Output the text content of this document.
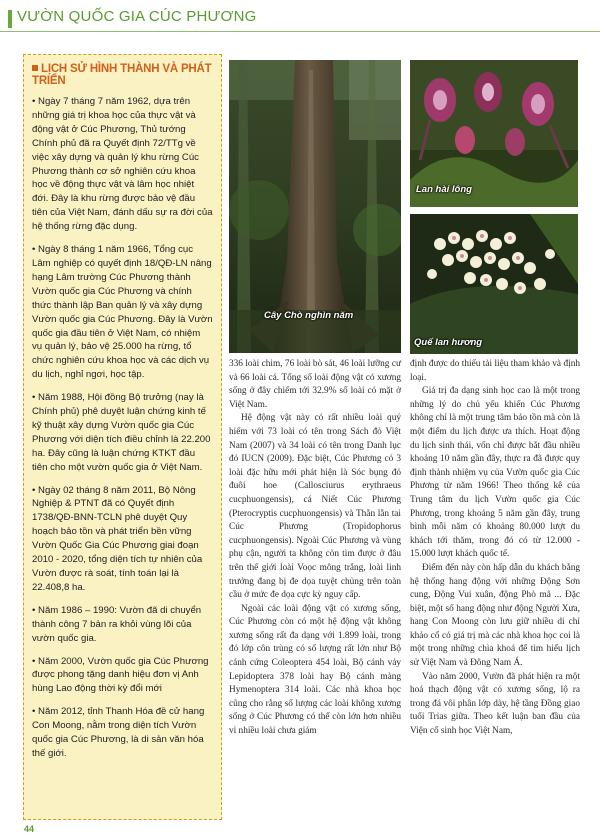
VƯỜN QUỐC GIA CÚC PHƯƠNG
LỊCH SỬ HÌNH THÀNH VÀ PHÁT TRIỂN

• Ngày 7 tháng 7 năm 1962, dựa trên những giá trị khoa học của thực vật và động vật ở Cúc Phương, Thủ tướng Chính phủ đã ra Quyết định 72/TTg về việc xây dựng và quản lý khu rừng Cúc Phương thành cơ sở nghiên cứu khoa học về động thực vật và lâm học nhiệt đới. Đây là khu rừng được bảo vệ đầu tiên của Việt Nam, đánh dấu sự ra đời của hệ thống rừng đặc dụng.

• Ngày 8 tháng 1 năm 1966, Tổng cục Lâm nghiệp có quyết định 18/QĐ-LN nâng hạng Lâm trường Cúc Phương thành Vườn quốc gia Cúc Phương và chính thức thành lập Ban quản lý và xây dựng Vườn quốc gia Cúc Phương. Đây là Vườn quốc gia đầu tiên ở Việt Nam, có nhiệm vụ quản lý, bảo vệ 25.000 ha rừng, tổ chức nghiên cứu khoa học và các dịch vụ du lịch, nghỉ ngơi, học tập.

• Năm 1988, Hội đồng Bộ trưởng (nay là Chính phủ) phê duyệt luận chứng kinh tế kỹ thuật xây dựng Vườn quốc gia Cúc Phương với diện tích điều chỉnh là 22.200 ha. Đây cũng là luận chứng KTKT đầu tiên cho một vườn quốc gia ở Việt Nam.

• Ngày 02 tháng 8 năm 2011, Bộ Nông Nghiệp & PTNT đã có Quyết định 1738/QĐ-BNN-TCLN phê duyệt Quy hoạch bảo tồn và phát triển bền vững Vườn Quốc Gia Cúc Phương giai đoạn 2010 - 2020, tổng diện tích tự nhiên của Vườn được rà soát, tính toán lại là 22.408,8 ha.

• Năm 1986 – 1990: Vườn đã di chuyển thành công 7 bản ra khỏi vùng lõi của vườn quốc gia.

• Năm 2000, Vườn quốc gia Cúc Phương được phong tặng danh hiệu đơn vị Anh hùng Lao động thời kỳ đổi mới

• Năm 2012, tỉnh Thanh Hóa đề cử hang Con Moong, nằm trong diện tích Vườn quốc gia Cúc Phương, là di sản văn hóa thế giới.

Cây Chò nghìn năm
Lan hài lông
Quế lan hương

336 loài chim, 76 loài bò sát, 46 loài lưỡng cư và 66 loài cá. Tổng số loài động vật có xương sống ở đây chiếm tới 32.9% số loài có mặt ở Việt Nam.

Hệ động vật này có rất nhiều loài quý hiếm với 73 loài có tên trong Sách đỏ Việt Nam (2007) và 34 loài có tên trong Danh lục đỏ IUCN (2009). Đặc biệt, Cúc Phương có 3 loài đặc hữu mới phát hiện là Sóc bụng đỏ đuôi hoe (Callosciurus erythraeus cucphuongensis), cá Niết Cúc Phương (Pterocryptis cucphuongensis) và Thằn lằn tai Cúc Phương (Tropidophorus cucphuongensis). Ngoài Cúc Phương và vùng phụ cận, người ta không còn tìm được ở đâu trên thế giới loài Voọc mông trắng, loài linh trưởng đang bị đe dọa tuyệt chủng trên toàn cầu ở mức đe dọa cực kỳ nguy cấp.

Ngoài các loài động vật có xương sống, Cúc Phương còn có một hệ động vật không xương sống rất đa dạng với 1.899 loài, trong đó lớp côn trùng có số lượng rất lớn như Bộ cánh cứng Coleoptera 454 loài, Bộ cánh vảy Lepidoptera 378 loài hay Bộ cánh màng Hymenoptera 314 loài. Các nhà khoa học cũng cho rằng số lượng các loài không xương sống ở Cúc Phương có thể còn lớn hơn nhiều vì nhiều loài chưa giám

định được do thiếu tài liệu tham khảo và định loại.

Giá trị đa dạng sinh học cao là một trong những lý do chủ yếu khiến Cúc Phương không chỉ là một trung tâm bảo tồn mà còn là một điểm du lịch được ưa thích. Hoạt động du lịch sinh thái, vốn chỉ được bắt đầu nhiều khoảng 10 năm gần đây, thực ra đã được quy định thành nhiệm vụ của Vườn quốc gia Cúc Phương từ năm 1966! Theo thống kê của Trung tâm du lịch Vườn quốc gia Cúc Phương, trong khoảng 5 năm gần đây, trung bình mỗi năm có khoảng 80.000 lượt du khách tới thăm, trong đó có từ 12.000 - 15.000 lượt khách quốc tế.

Điểm đến này còn hấp dẫn du khách bằng hệ thống hang động với những Động Sơn cung, Động Vui xuân, động Phò mã ... Đặc biệt, một số hang động như động Người Xưa, hang Con Moong còn lưu giữ nhiều di chỉ khảo cổ có giá trị mà các nhà khoa học coi là một trong những chìa khoá để tìm hiểu lịch sử Việt Nam và Đông Nam Á.

Vào năm 2000, Vườn đã phát hiện ra một hoá thạch động vật có xương sống, lộ ra trong đá vôi phân lớp dày, hệ tầng Đồng giao tuổi Trias giữa. Theo kết luận ban đầu của Viện cổ sinh học Việt Nam,

44
